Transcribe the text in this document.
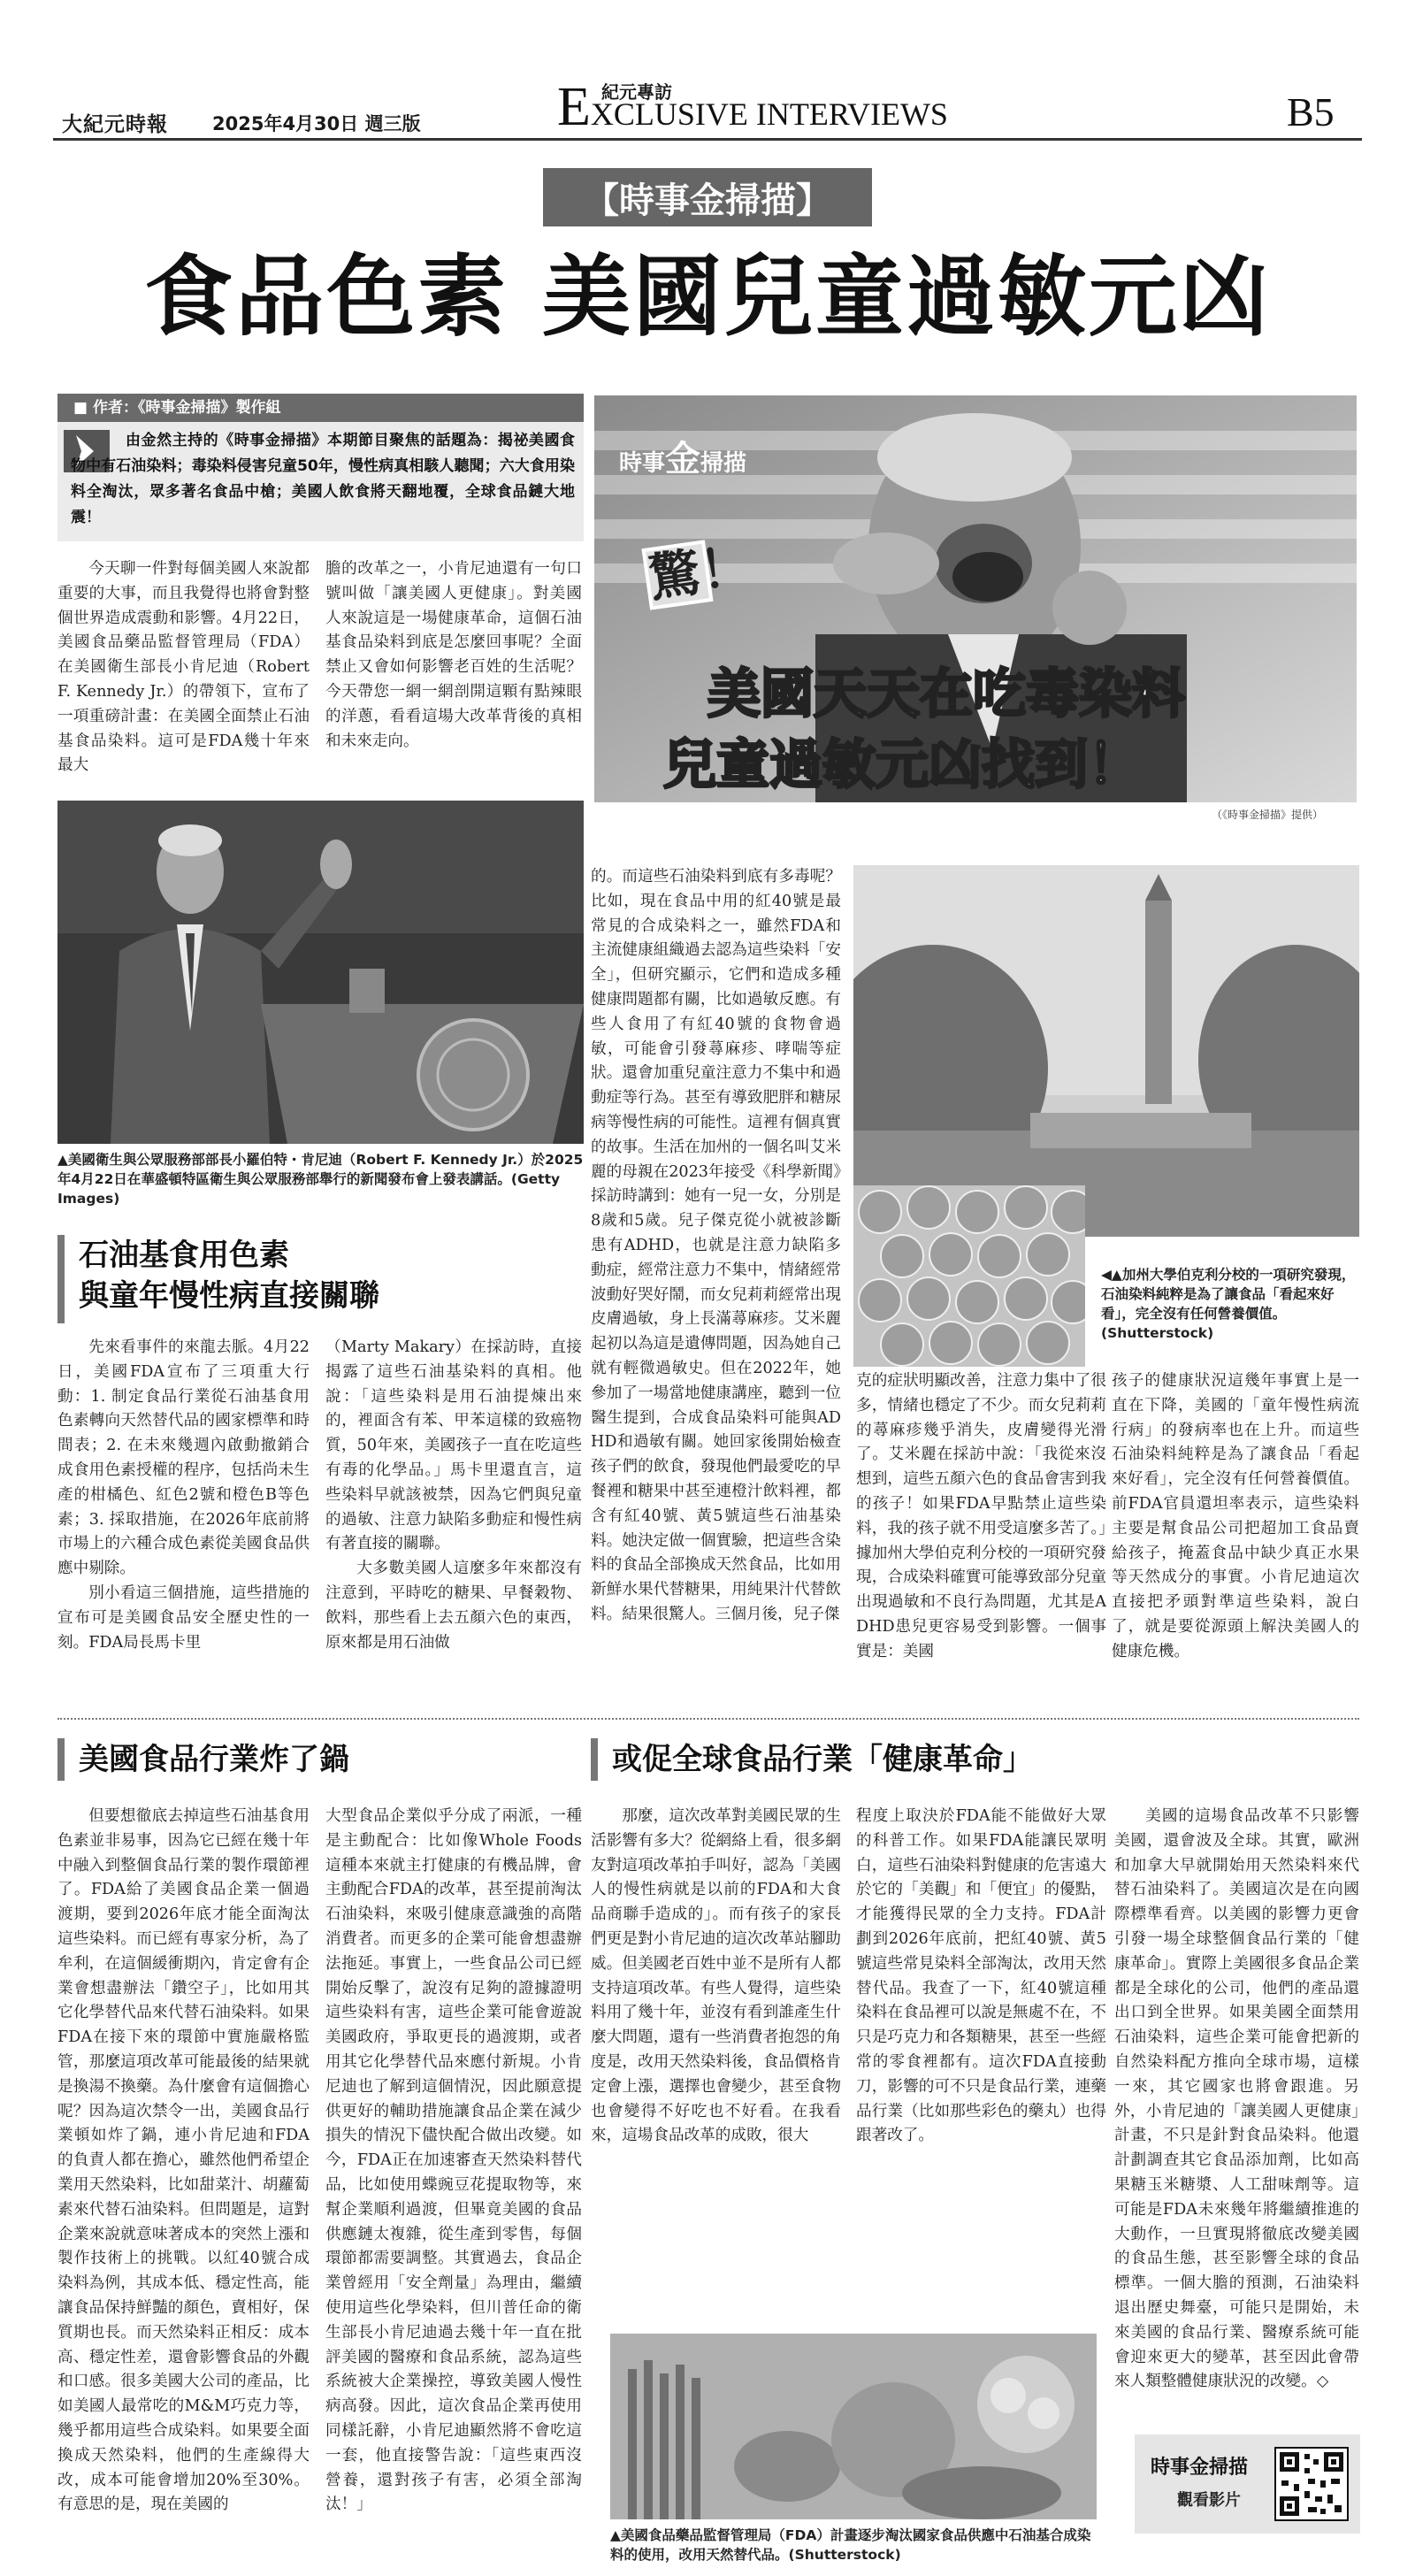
大紀元時報 2025年4月30日 週三版
紀元專訪
EXCLUSIVE INTERVIEWS	B5
【時事金掃描】
食品色素 美國兒童過敏元凶
■ 作者：《時事金掃描》製作組
由金然主持的《時事金掃描》本期節目聚焦的話題為：揭祕美國食物中有石油染料；毒染料侵害兒童50年，慢性病真相駭人聽聞；六大食用染料全淘汰，眾多著名食品中槍；美國人飲食將天翻地覆，全球食品鏈大地震！
時事金掃描
驚！
美國天天在吃毒染料
兒童過敏元凶找到！
（《時事金掃描》提供）

今天聊一件對每個美國人來說都重要的大事，而且我覺得也將會對整個世界造成震動和影響。4月22日，美國食品藥品監督管理局（FDA）在美國衛生部長小肯尼迪（Robert F. Kennedy Jr.）的帶領下，宣布了一項重磅計畫：在美國全面禁止石油基食品染料。這可是FDA幾十年來最大

膽的改革之一，小肯尼迪還有一句口號叫做「讓美國人更健康」。對美國人來說這是一場健康革命，這個石油基食品染料到底是怎麼回事呢？全面禁止又會如何影響老百姓的生活呢？今天帶您一網一網剖開這顆有點辣眼的洋蔥，看看這場大改革背後的真相和未來走向。

▲美國衛生與公眾服務部部長小羅伯特・肯尼迪（Robert F. Kennedy Jr.）於2025年4月22日在華盛頓特區衛生與公眾服務部舉行的新聞發布會上發表講話。(Getty Images)
石油基食用色素
與童年慢性病直接關聯

先來看事件的來龍去脈。4月22日，美國FDA宣布了三項重大行動：1. 制定食品行業從石油基食用色素轉向天然替代品的國家標準和時間表；2. 在未來幾週內啟動撤銷合成食用色素授權的程序，包括尚未生產的柑橘色、紅色2號和橙色B等色素；3. 採取措施，在2026年底前將市場上的六種合成色素從美國食品供應中剔除。

別小看這三個措施，這些措施的宣布可是美國食品安全歷史性的一刻。FDA局長馬卡里

（Marty Makary）在採訪時，直接揭露了這些石油基染料的真相。他說：「這些染料是用石油提煉出來的，裡面含有苯、甲苯這樣的致癌物質，50年來，美國孩子一直在吃這些有毒的化學品。」馬卡里還直言，這些染料早就該被禁，因為它們與兒童的過敏、注意力缺陷多動症和慢性病有著直接的關聯。

大多數美國人這麼多年來都沒有注意到，平時吃的糖果、早餐穀物、飲料，那些看上去五顏六色的東西，原來都是用石油做

的。而這些石油染料到底有多毒呢？比如，現在食品中用的紅40號是最常見的合成染料之一，雖然FDA和主流健康組織過去認為這些染料「安全」，但研究顯示，它們和造成多種健康問題都有關，比如過敏反應。有些人食用了有紅40號的食物會過敏，可能會引發蕁麻疹、哮喘等症狀。還會加重兒童注意力不集中和過動症等行為。甚至有導致肥胖和糖尿病等慢性病的可能性。這裡有個真實的故事。生活在加州的一個名叫艾米麗的母親在2023年接受《科學新聞》採訪時講到：她有一兒一女，分別是8歲和5歲。兒子傑克從小就被診斷患有ADHD，也就是注意力缺陷多動症，經常注意力不集中，情緒經常波動好哭好鬧，而女兒莉莉經常出現皮膚過敏，身上長滿蕁麻疹。艾米麗起初以為這是遺傳問題，因為她自己就有輕微過敏史。但在2022年，她參加了一場當地健康講座，聽到一位醫生提到，合成食品染料可能與ADHD和過敏有關。她回家後開始檢查孩子們的飲食，發現他們最愛吃的早餐裡和糖果中甚至連橙汁飲料裡，都含有紅40號、黃5號這些石油基染料。她決定做一個實驗，把這些含染料的食品全部換成天然食品，比如用新鮮水果代替糖果，用純果汁代替飲料。結果很驚人。三個月後，兒子傑

◀▲加州大學伯克利分校的一項研究發現，石油染料純粹是為了讓食品「看起來好看」，完全沒有任何營養價值。(Shutterstock)

克的症狀明顯改善，注意力集中了很多，情緒也穩定了不少。而女兒莉莉的蕁麻疹幾乎消失，皮膚變得光滑了。艾米麗在採訪中說：「我從來沒想到，這些五顏六色的食品會害到我的孩子！如果FDA早點禁止這些染料，我的孩子就不用受這麼多苦了。」據加州大學伯克利分校的一項研究發現，合成染料確實可能導致部分兒童出現過敏和不良行為問題，尤其是ADHD患兒更容易受到影響。一個事實是：美國

孩子的健康狀況這幾年事實上是一直在下降，美國的「童年慢性病流行病」的發病率也在上升。而這些石油染料純粹是為了讓食品「看起來好看」，完全沒有任何營養價值。前FDA官員還坦率表示，這些染料主要是幫食品公司把超加工食品賣給孩子，掩蓋食品中缺少真正水果等天然成分的事實。小肯尼迪這次直接把矛頭對準這些染料，說白了，就是要從源頭上解決美國人的健康危機。

美國食品行業炸了鍋	或促全球食品行業「健康革命」

但要想徹底去掉這些石油基食用色素並非易事，因為它已經在幾十年中融入到整個食品行業的製作環節裡了。FDA給了美國食品企業一個過渡期，要到2026年底才能全面淘汰這些染料。而已經有專家分析，為了牟利，在這個緩衝期內，肯定會有企業會想盡辦法「鑽空子」，比如用其它化學替代品來代替石油染料。如果FDA在接下來的環節中實施嚴格監管，那麼這項改革可能最後的結果就是換湯不換藥。為什麼會有這個擔心呢？因為這次禁令一出，美國食品行業頓如炸了鍋，連小肯尼迪和FDA的負責人都在擔心，雖然他們希望企業用天然染料，比如甜菜汁、胡蘿蔔素來代替石油染料。但問題是，這對企業來說就意味著成本的突然上漲和製作技術上的挑戰。以紅40號合成染料為例，其成本低、穩定性高，能讓食品保持鮮豔的顏色，賣相好，保質期也長。而天然染料正相反：成本高、穩定性差，還會影響食品的外觀和口感。很多美國大公司的產品，比如美國人最常吃的M&M巧克力等，幾乎都用這些合成染料。如果要全面換成天然染料，他們的生產線得大改，成本可能會增加20%至30%。有意思的是，現在美國的

大型食品企業似乎分成了兩派，一種是主動配合：比如像Whole Foods這種本來就主打健康的有機品牌，會主動配合FDA的改革，甚至提前淘汰石油染料，來吸引健康意識強的高階消費者。而更多的企業可能會想盡辦法拖延。事實上，一些食品公司已經開始反擊了，說沒有足夠的證據證明這些染料有害，這些企業可能會遊說美國政府，爭取更長的過渡期，或者用其它化學替代品來應付新規。小肯尼迪也了解到這個情況，因此願意提供更好的輔助措施讓食品企業在減少損失的情況下儘快配合做出改變。如今，FDA正在加速審查天然染料替代品，比如使用蝶豌豆花提取物等，來幫企業順利過渡，但畢竟美國的食品供應鏈太複雜，從生產到零售，每個環節都需要調整。其實過去，食品企業曾經用「安全劑量」為理由，繼續使用這些化學染料，但川普任命的衛生部長小肯尼迪過去幾十年一直在批評美國的醫療和食品系統，認為這些系統被大企業操控，導致美國人慢性病高發。因此，這次食品企業再使用同樣託辭，小肯尼迪顯然將不會吃這一套，他直接警告說：「這些東西沒營養，還對孩子有害，必須全部淘汰！」

那麼，這次改革對美國民眾的生活影響有多大？從網絡上看，很多網友對這項改革拍手叫好，認為「美國人的慢性病就是以前的FDA和大食品商聯手造成的」。而有孩子的家長們更是對小肯尼迪的這次改革站腳助威。但美國老百姓中並不是所有人都支持這項改革。有些人覺得，這些染料用了幾十年，並沒有看到誰產生什麼大問題，還有一些消費者抱怨的角度是，改用天然染料後，食品價格肯定會上漲，選擇也會變少，甚至食物也會變得不好吃也不好看。在我看來，這場食品改革的成敗，很大

程度上取決於FDA能不能做好大眾的科普工作。如果FDA能讓民眾明白，這些石油染料對健康的危害遠大於它的「美觀」和「便宜」的優點，才能獲得民眾的全力支持。FDA計劃到2026年底前，把紅40號、黃5號這些常見染料全部淘汰，改用天然替代品。我查了一下，紅40號這種染料在食品裡可以說是無處不在，不只是巧克力和各類糖果，甚至一些經常的零食裡都有。這次FDA直接動刀，影響的可不只是食品行業，連藥品行業（比如那些彩色的藥丸）也得跟著改了。

美國的這場食品改革不只影響美國，還會波及全球。其實，歐洲和加拿大早就開始用天然染料來代替石油染料了。美國這次是在向國際標準看齊。以美國的影響力更會引發一場全球整個食品行業的「健康革命」。實際上美國很多食品企業都是全球化的公司，他們的產品還出口到全世界。如果美國全面禁用石油染料，這些企業可能會把新的自然染料配方推向全球市場，這樣一來，其它國家也將會跟進。另外，小肯尼迪的「讓美國人更健康」計畫，不只是針對食品染料。他還計劃調查其它食品添加劑，比如高果糖玉米糖漿、人工甜味劑等。這可能是FDA未來幾年將繼續推進的大動作，一旦實現將徹底改變美國的食品生態，甚至影響全球的食品標準。一個大膽的預測，石油染料退出歷史舞臺，可能只是開始，未來美國的食品行業、醫療系統可能會迎來更大的變革，甚至因此會帶來人類整體健康狀況的改變。◇

▲美國食品藥品監督管理局（FDA）計畫逐步淘汰國家食品供應中石油基合成染料的使用，改用天然替代品。(Shutterstock)
時事金掃描
觀看影片
